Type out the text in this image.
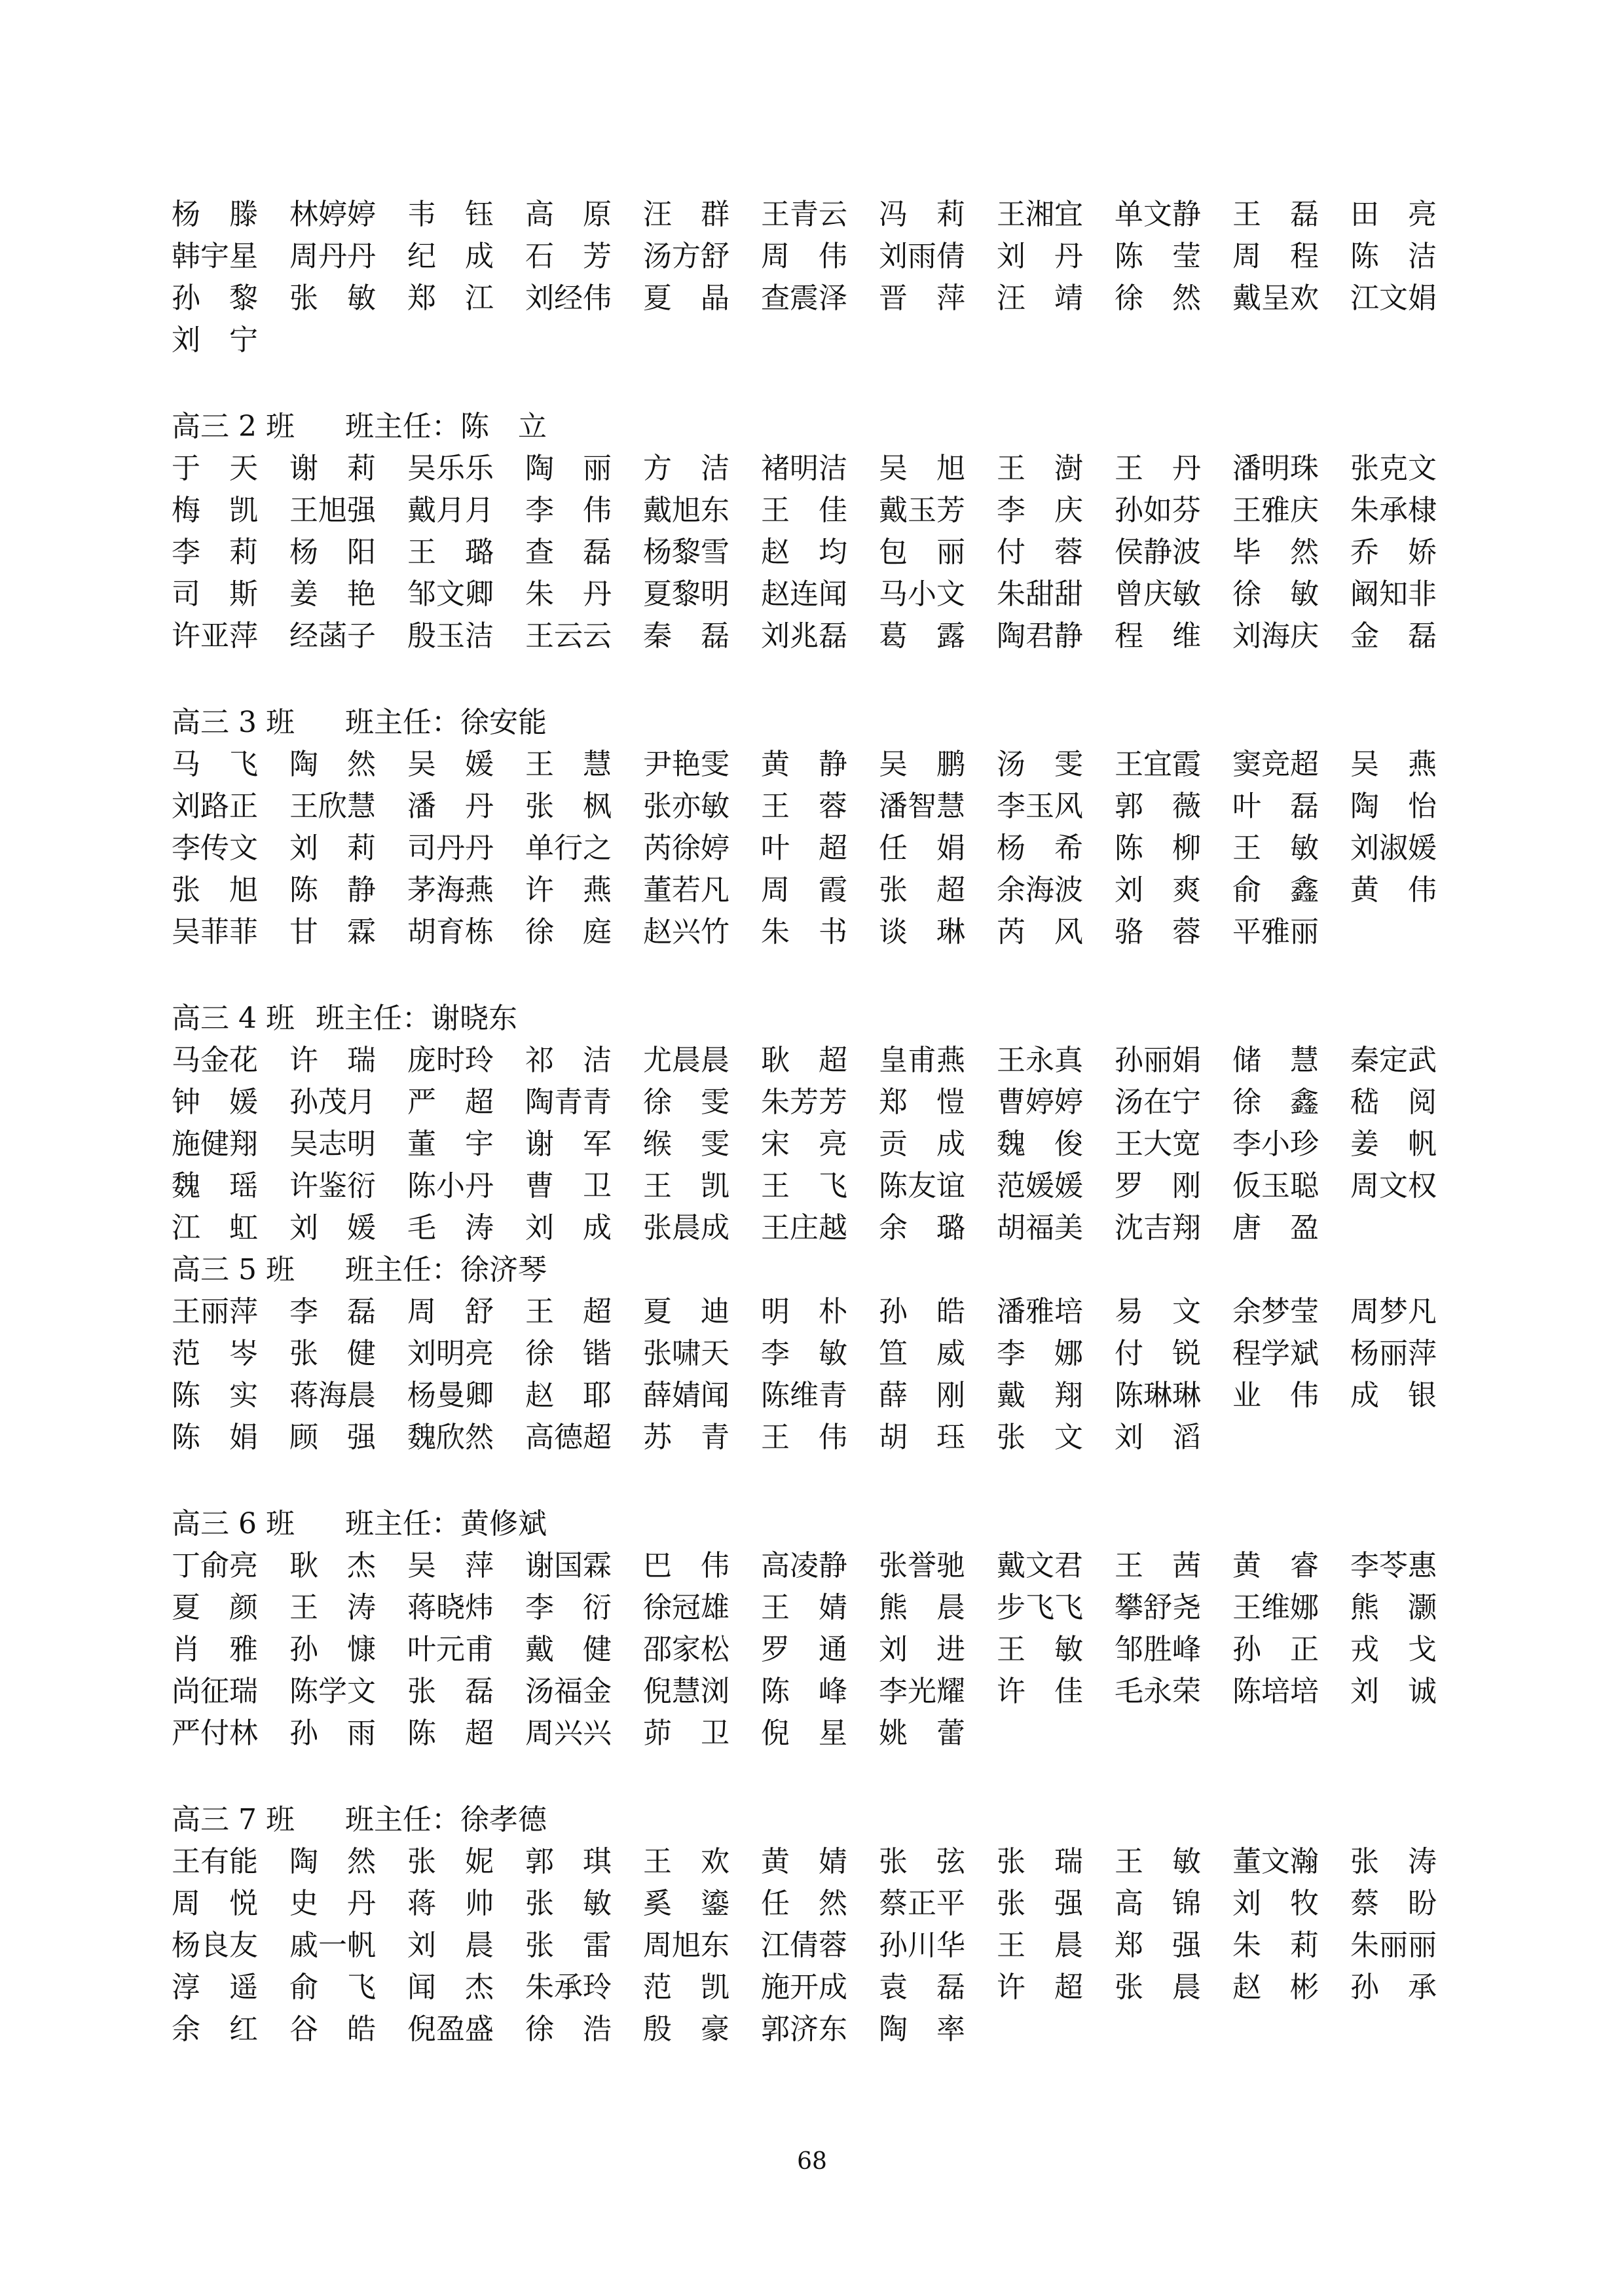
杨　滕	林婷婷	韦　钰	高　原	汪　群	王青云	冯　莉	王湘宜	单文静	王　磊	田　亮
韩宇星	周丹丹	纪　成	石　芳	汤方舒	周　伟	刘雨倩	刘　丹	陈　莹	周　程	陈　洁
孙　黎	张　敏	郑　江	刘经伟	夏　晶	查震泽	晋　萍	汪　靖	徐　然	戴呈欢	江文娟
刘　宁
高三 2 班	班主任：陈　立
于　天	谢　莉	吴乐乐	陶　丽	方　洁	褚明洁	吴　旭	王　澍	王　丹	潘明珠	张克文
梅　凯	王旭强	戴月月	李　伟	戴旭东	王　佳	戴玉芳	李　庆	孙如芬	王雅庆	朱承棣
李　莉	杨　阳	王　璐	查　磊	杨黎雪	赵　均	包　丽	付　蓉	侯静波	毕　然	乔　娇
司　斯	姜　艳	邹文卿	朱　丹	夏黎明	赵连闻	马小文	朱甜甜	曾庆敏	徐　敏	阚知非
许亚萍	经菡子	殷玉洁	王云云	秦　磊	刘兆磊	葛　露	陶君静	程　维	刘海庆	金　磊
高三 3 班	班主任：徐安能
马　飞	陶　然	吴　媛	王　慧	尹艳雯	黄　静	吴　鹏	汤　雯	王宜霞	窦竞超	吴　燕
刘路正	王欣慧	潘　丹	张　枫	张亦敏	王　蓉	潘智慧	李玉风	郭　薇	叶　磊	陶　怡
李传文	刘　莉	司丹丹	单行之	芮徐婷	叶　超	任　娟	杨　希	陈　柳	王　敏	刘淑媛
张　旭	陈　静	茅海燕	许　燕	董若凡	周　霞	张　超	余海波	刘　爽	俞　鑫	黄　伟
吴菲菲	甘　霖	胡育栋	徐　庭	赵兴竹	朱　书	谈　琳	芮　风	骆　蓉	平雅丽
高三 4 班 班主任：谢晓东
马金花	许　瑞	庞时玲	祁　洁	尤晨晨	耿　超	皇甫燕	王永真	孙丽娟	储　慧	秦定武
钟　媛	孙茂月	严　超	陶青青	徐　雯	朱芳芳	郑　愷	曹婷婷	汤在宁	徐　鑫	嵇　阅
施健翔	吴志明	董　宇	谢　军	缑　雯	宋　亮	贡　成	魏　俊	王大宽	李小珍	姜　帆
魏　瑶	许鉴衍	陈小丹	曹　卫	王　凯	王　飞	陈友谊	范媛媛	罗　刚	仮玉聪	周文权
江　虹	刘　媛	毛　涛	刘　成	张晨成	王庄越	余　璐	胡福美	沈吉翔	唐　盈
高三 5 班	班主任：徐济琴
王丽萍	李　磊	周　舒	王　超	夏　迪	明　朴	孙　皓	潘雅培	易　文	余梦莹	周梦凡
范　岑	张　健	刘明亮	徐　锴	张啸天	李　敏	笪　威	李　娜	付　锐	程学斌	杨丽萍
陈　实	蒋海晨	杨曼卿	赵　耶	薛婧闻	陈维青	薛　刚	戴　翔	陈琳琳	业　伟	成　银
陈　娟	顾　强	魏欣然	高德超	苏　青	王　伟	胡　珏	张　文	刘　滔
高三 6 班	班主任：黄修斌
丁俞亮	耿　杰	吴　萍	谢国霖	巴　伟	高凌静	张誉驰	戴文君	王　茜	黄　睿	李苓惠
夏　颜	王　涛	蒋晓炜	李　衍	徐冠雄	王　婧	熊　晨	步飞飞	攀舒尧	王维娜	熊　灏
肖　雅	孙　慷	叶元甫	戴　健	邵家松	罗　通	刘　进	王　敏	邹胜峰	孙　正	戎　戈
尚征瑞	陈学文	张　磊	汤福金	倪慧浏	陈　峰	李光耀	许　佳	毛永荣	陈培培	刘　诚
严付林	孙　雨	陈　超	周兴兴	茆　卫	倪　星	姚　蕾
高三 7 班	班主任：徐孝德
王有能	陶　然	张　妮	郭　琪	王　欢	黄　婧	张　弦	张　瑞	王　敏	董文瀚	张　涛
周　悦	史　丹	蒋　帅	张　敏	奚　鎏	任　然	蔡正平	张　强	高　锦	刘　牧	蔡　盼
杨良友	戚一帆	刘　晨	张　雷	周旭东	江倩蓉	孙川华	王　晨	郑　强	朱　莉	朱丽丽
淳　遥	俞　飞	闻　杰	朱承玲	范　凯	施开成	袁　磊	许　超	张　晨	赵　彬	孙　承
余　红	谷　皓	倪盈盛	徐　浩	殷　豪	郭济东	陶　率
68
